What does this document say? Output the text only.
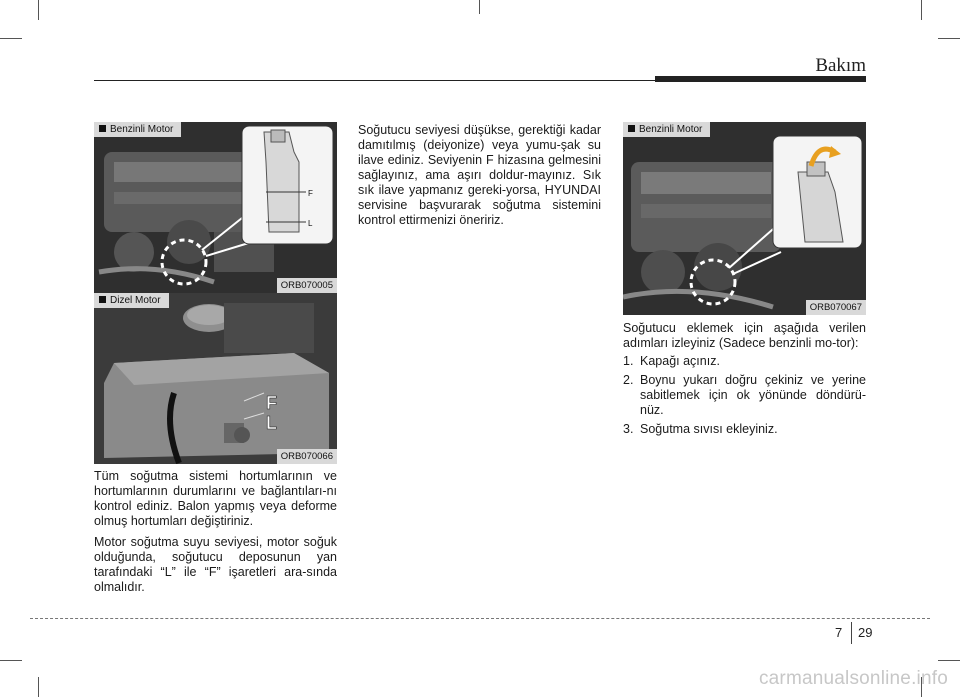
Bakım
F
L
Benzinli Motor
ORB070005
F
L
Dizel Motor
ORB070066
Benzinli Motor
ORB070067

Tüm soğutma sistemi hortumlarının ve hortumlarının durumlarını ve bağlantıları-nı kontrol ediniz. Balon yapmış veya deforme olmuş hortumları değiştiriniz.

Motor soğutma suyu seviyesi, motor soğuk olduğunda, soğutucu deposunun yan tarafındaki “L” ile “F” işaretleri ara-sında olmalıdır.

Soğutucu seviyesi düşükse, gerektiği kadar damıtılmış (deiyonize) veya yumu-şak su ilave ediniz. Seviyenin F hizasına gelmesini sağlayınız, ama aşırı doldur-mayınız. Sık sık ilave yapmanız gereki-yorsa, HYUNDAI servisine başvurarak soğutma sistemini kontrol ettirmenizi öneririz.

Soğutucu eklemek için aşağıda verilen adımları izleyiniz (Sadece benzinli mo-tor):

1. Kapağı açınız.
2. Boynu yukarı doğru çekiniz ve yerine sabitlemek için ok yönünde döndürü-nüz.
3. Soğutma sıvısı ekleyiniz.
7 29
carmanualsonline.info
